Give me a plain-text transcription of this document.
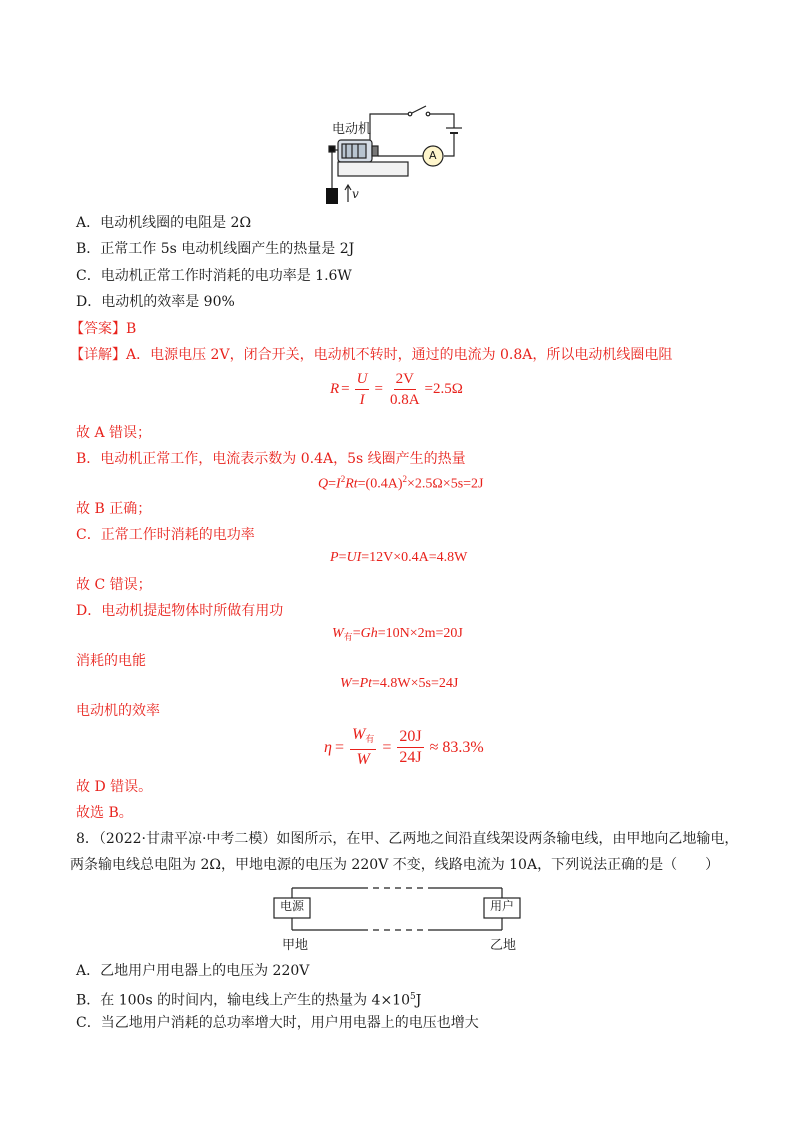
电动机
A
v
A．电动机线圈的电阻是 2Ω
B．正常工作 5s 电动机线圈产生的热量是 2J
C．电动机正常工作时消耗的电功率是 1.6W
D．电动机的效率是 90%
【答案】B
【详解】A．电源电压 2V，闭合开关，电动机不转时，通过的电流为 0.8A，所以电动机线圈电阻
$R = \frac{U}{I} = \frac{2V}{0.8A} =2.5\Omega$
故 A 错误；
B．电动机正常工作，电流表示数为 0.4A，5s 线圈产生的热量
$Q=I^2Rt=(0.4A)^2\times 2.5\Omega\times 5s=2J$
故 B 正确；
C．正常工作时消耗的电功率
P=UI=12V×0.4A=4.8W
故 C 错误；
D．电动机提起物体时所做有用功
$W_有=Gh=10N\times 2m=20J$
消耗的电能
W=Pt=4.8W×5s=24J
电动机的效率
$\eta = \frac{\text{W有}}{W} = \frac{20J}{24J} \approx 83.3\%$
故 D 错误。
故选 B。
8．（2022·甘肃平凉·中考二模）如图所示，在甲、乙两地之间沿直线架设两条输电线，由甲地向乙地输电，
两条输电线总电阻为 2Ω，甲地电源的电压为 220V 不变，线路电流为 10A，下列说法正确的是（　　）
电源	用户
甲地	乙地
A．乙地用户用电器上的电压为 220V
B．在 100s 的时间内，输电线上产生的热量为 $4\times 10^5J$
C．当乙地用户消耗的总功率增大时，用户用电器上的电压也增大
